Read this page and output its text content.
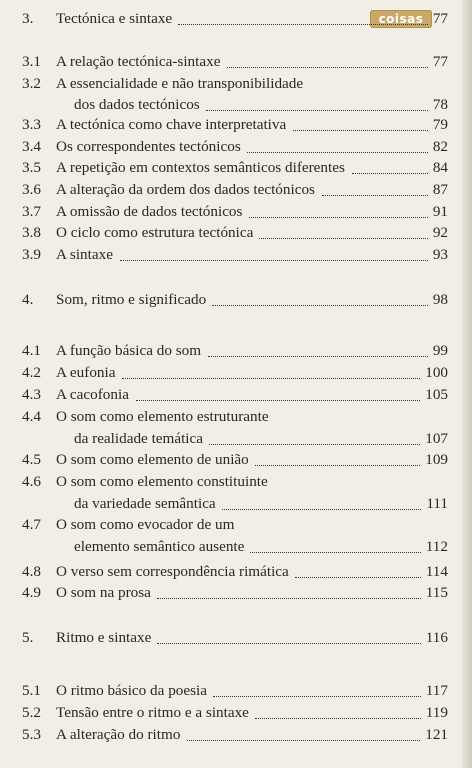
coisas
3. Tectónica e sintaxe	77
3.1 A relação tectónica-sintaxe	77
3.2 A essencialidade e não transponibilidade
dos dados tectónicos	78
3.3 A tectónica como chave interpretativa	79
3.4 Os correspondentes tectónicos	82
3.5 A repetição em contextos semânticos diferentes	84
3.6 A alteração da ordem dos dados tectónicos	87
3.7 A omissão de dados tectónicos	91
3.8 O ciclo como estrutura tectónica	92
3.9 A sintaxe	93
4. Som, ritmo e significado	98
4.1 A função básica do som	99
4.2 A eufonia	100
4.3 A cacofonia	105
4.4 O som como elemento estruturante
da realidade temática	107
4.5 O som como elemento de união	109
4.6 O som como elemento constituinte
da variedade semântica	111
4.7 O som como evocador de um
elemento semântico ausente	112
4.8 O verso sem correspondência rimática	114
4.9 O som na prosa	115
5. Ritmo e sintaxe	116
5.1 O ritmo básico da poesia	117
5.2 Tensão entre o ritmo e a sintaxe	119
5.3 A alteração do ritmo	121
